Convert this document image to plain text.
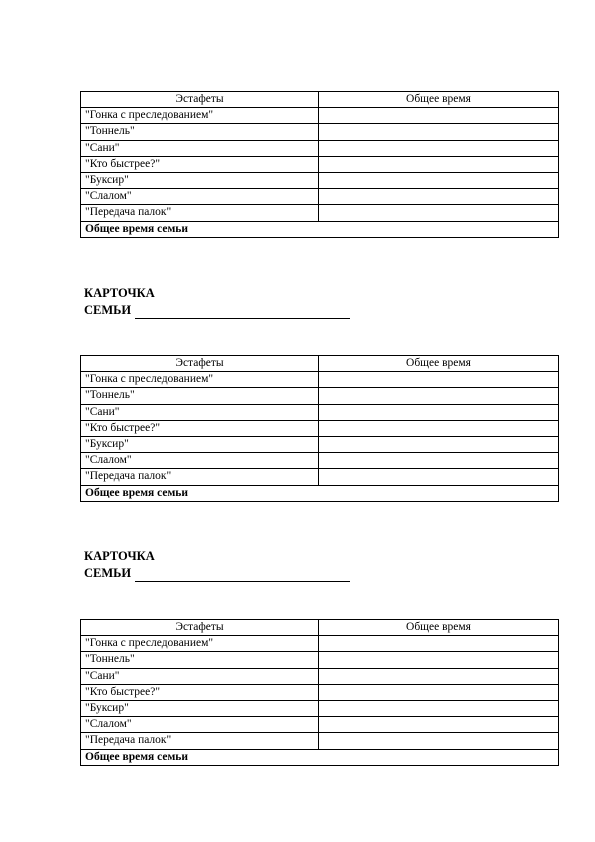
Эстафеты	Общее время
"Гонка с преследованием"	
"Тоннель"	
"Сани"	
"Кто быстрее?"	
"Буксир"	
"Слалом"	
"Передача палок"	
Общее время семьи	
КАРТОЧКА
СЕМЬИ
Эстафеты	Общее время
"Гонка с преследованием"	
"Тоннель"	
"Сани"	
"Кто быстрее?"	
"Буксир"	
"Слалом"	
"Передача палок"	
Общее время семьи	
КАРТОЧКА
СЕМЬИ
Эстафеты	Общее время
"Гонка с преследованием"	
"Тоннель"	
"Сани"	
"Кто быстрее?"	
"Буксир"	
"Слалом"	
"Передача палок"	
Общее время семьи	
